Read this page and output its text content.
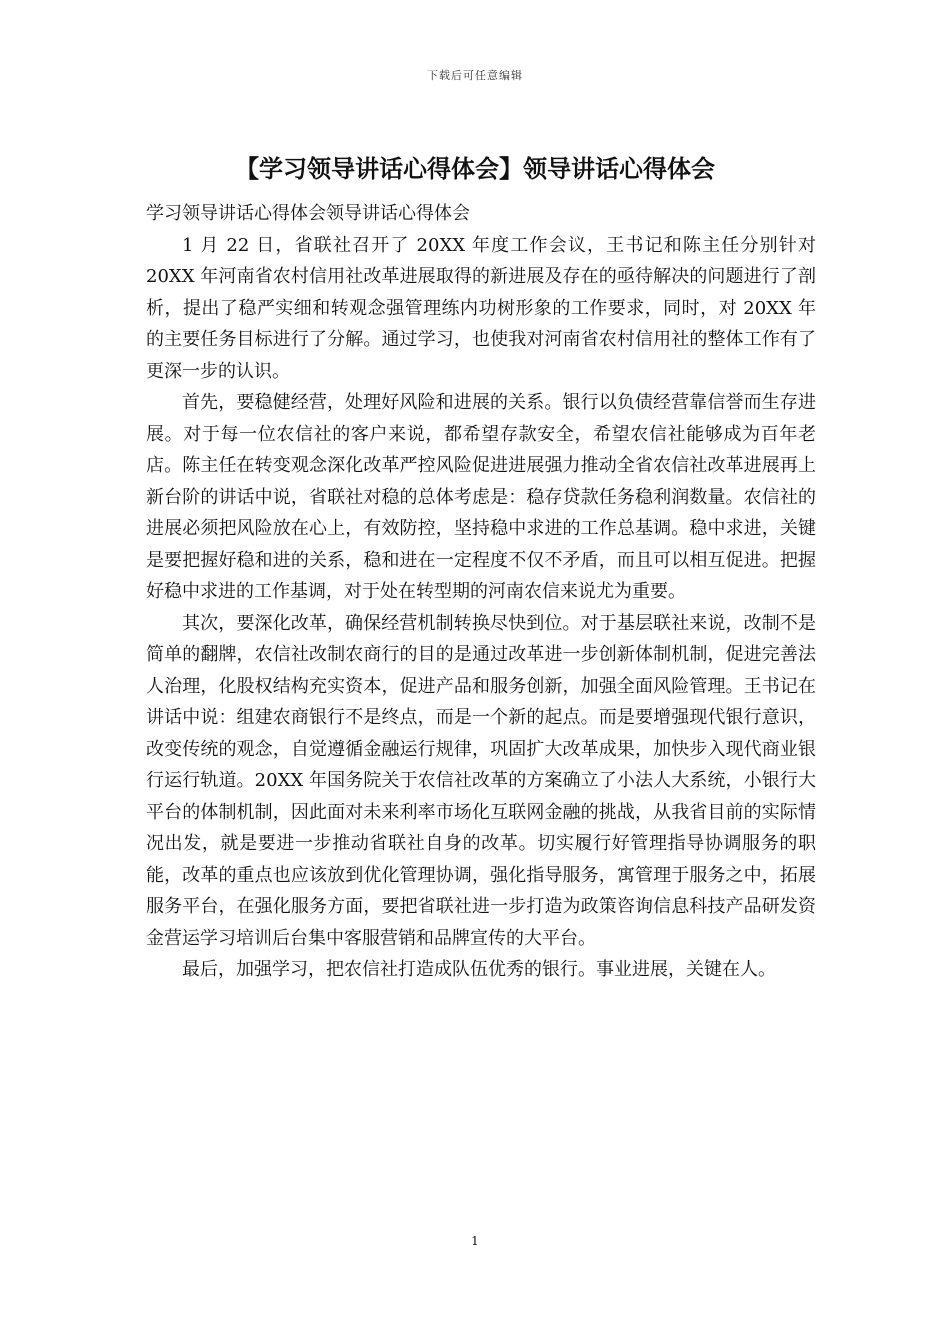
下载后可任意编辑
【学习领导讲话心得体会】领导讲话心得体会

学习领导讲话心得体会领导讲话心得体会

1 月 22 日，省联社召开了 20XX 年度工作会议，王书记和陈主任分别针对 20XX 年河南省农村信用社改革进展取得的新进展及存在的亟待解决的问题进行了剖析，提出了稳严实细和转观念强管理练内功树形象的工作要求，同时，对 20XX 年的主要任务目标进行了分解。通过学习，也使我对河南省农村信用社的整体工作有了更深一步的认识。

首先，要稳健经营，处理好风险和进展的关系。银行以负债经营靠信誉而生存进展。对于每一位农信社的客户来说，都希望存款安全，希望农信社能够成为百年老店。陈主任在转变观念深化改革严控风险促进进展强力推动全省农信社改革进展再上新台阶的讲话中说，省联社对稳的总体考虑是：稳存贷款任务稳利润数量。农信社的进展必须把风险放在心上，有效防控，坚持稳中求进的工作总基调。稳中求进，关键是要把握好稳和进的关系，稳和进在一定程度不仅不矛盾，而且可以相互促进。把握好稳中求进的工作基调，对于处在转型期的河南农信来说尤为重要。

其次，要深化改革，确保经营机制转换尽快到位。对于基层联社来说，改制不是简单的翻牌，农信社改制农商行的目的是通过改革进一步创新体制机制，促进完善法人治理，化股权结构充实资本，促进产品和服务创新，加强全面风险管理。王书记在讲话中说：组建农商银行不是终点，而是一个新的起点。而是要增强现代银行意识，改变传统的观念，自觉遵循金融运行规律，巩固扩大改革成果，加快步入现代商业银行运行轨道。20XX 年国务院关于农信社改革的方案确立了小法人大系统，小银行大平台的体制机制，因此面对未来利率市场化互联网金融的挑战，从我省目前的实际情况出发，就是要进一步推动省联社自身的改革。切实履行好管理指导协调服务的职能，改革的重点也应该放到优化管理协调，强化指导服务，寓管理于服务之中，拓展服务平台，在强化服务方面，要把省联社进一步打造为政策咨询信息科技产品研发资金营运学习培训后台集中客服营销和品牌宣传的大平台。

最后，加强学习，把农信社打造成队伍优秀的银行。事业进展，关键在人。

1
